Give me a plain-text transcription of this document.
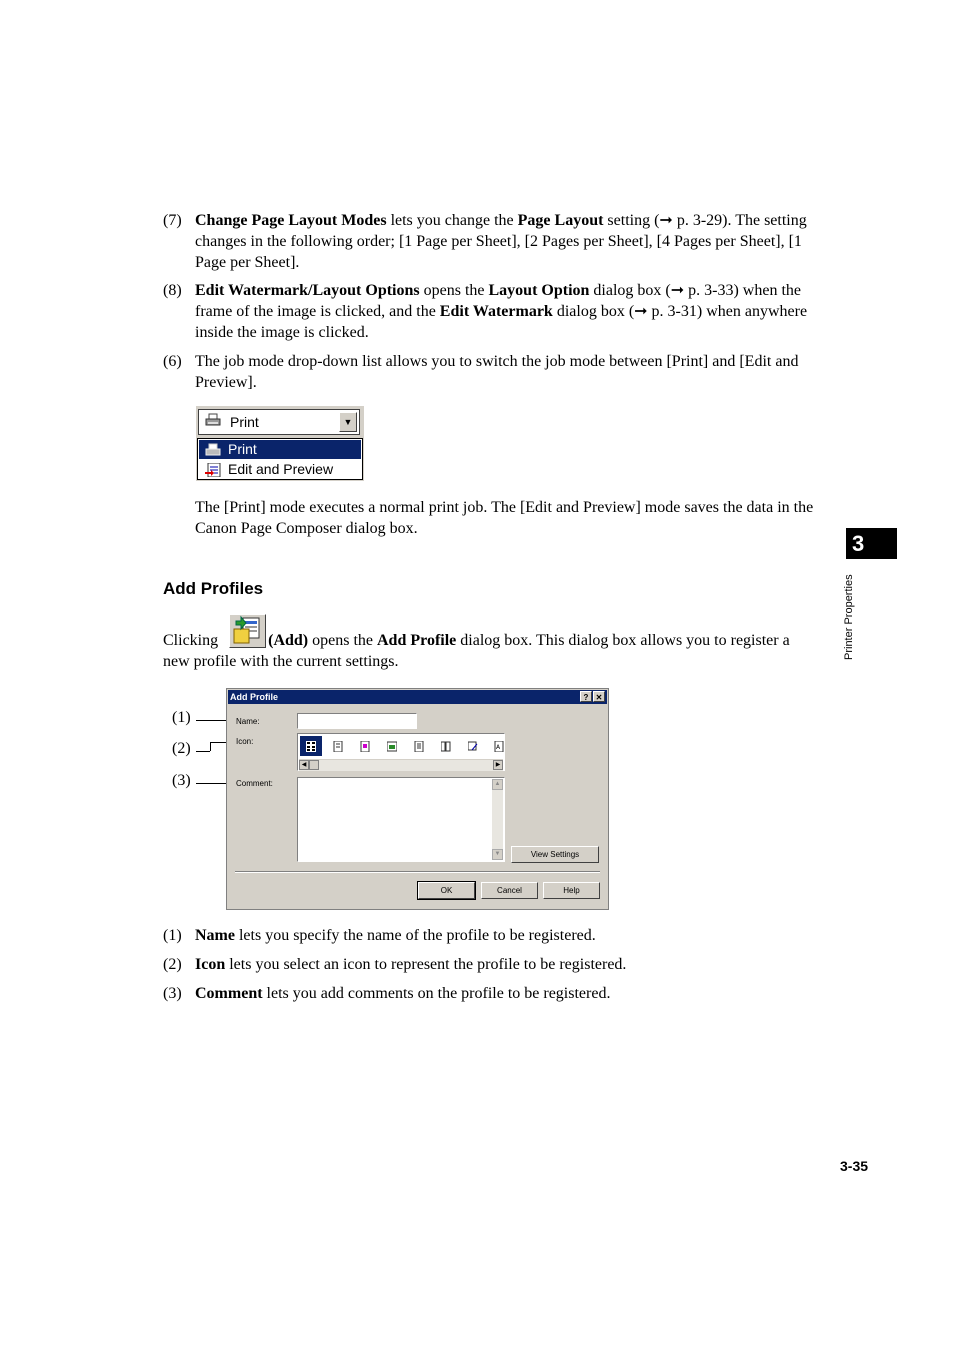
(7) Change Page Layout Modes lets you change the Page Layout setting (➞ p. 3-29). The setting changes in the following order; [1 Page per Sheet], [2 Pages per Sheet], [4 Pages per Sheet], [1 Page per Sheet].
(8) Edit Watermark/Layout Options opens the Layout Option dialog box (➞ p. 3-33) when the frame of the image is clicked, and the Edit Watermark dialog box (➞ p. 3-31) when anywhere inside the image is clicked.
(6) The job mode drop-down list allows you to switch the job mode between [Print] and [Edit and Preview].
Print	▼
Print
Edit and Preview
The [Print] mode executes a normal print job. The [Edit and Preview] mode saves the data in the Canon Page Composer dialog box.
Add Profiles
Clicking	(Add) opens the Add Profile dialog box. This dialog box allows you to register a new profile with the current settings.
(1)
(2)
(3)
Add Profile	? ✕
Name:
Icon:
A
◀	▶
Comment:	▲
▼	View Settings
OK	Cancel	Help
(1) Name lets you specify the name of the profile to be registered.
(2) Icon lets you select an icon to represent the profile to be registered.
(3) Comment lets you add comments on the profile to be registered.
3
Printer Properties
3-35
